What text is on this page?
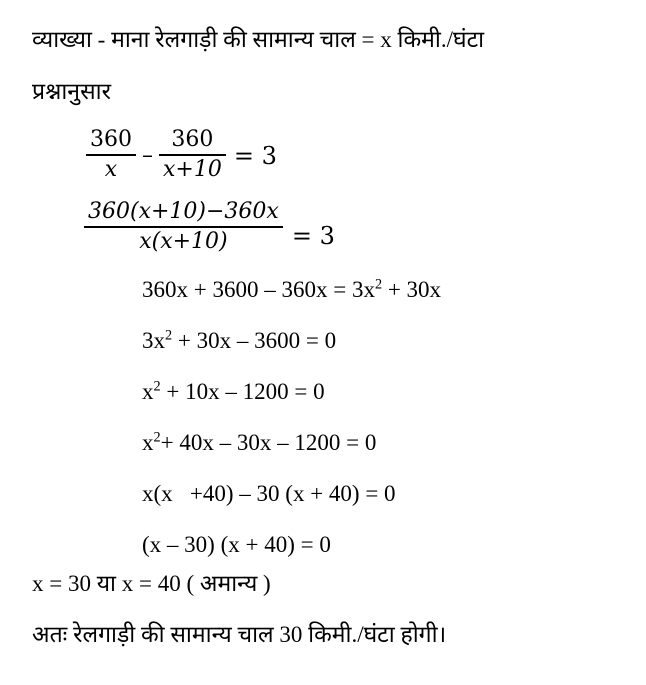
व्याख्या - माना रेलगाड़ी की सामान्य चाल = x किमी./घंटा
प्रश्नानुसार
$\frac{360}{x} - \frac{360}{x+10} = 3$
$\frac{360(x+10)-360x}{x(x+10)} = 3$
$360x + 3600 - 360x = 3x^2 + 30x$
$3x^2 + 30x - 3600 = 0$
$x^2 + 10x - 1200 = 0$
$x^2+ 40x - 30x - 1200 = 0$
x(x   +40) – 30 (x + 40) = 0
(x – 30) (x + 40) = 0
x = 30 या x = 40 ( अमान्य )
अतः रेलगाड़ी की सामान्य चाल 30 किमी./घंटा होगी।
